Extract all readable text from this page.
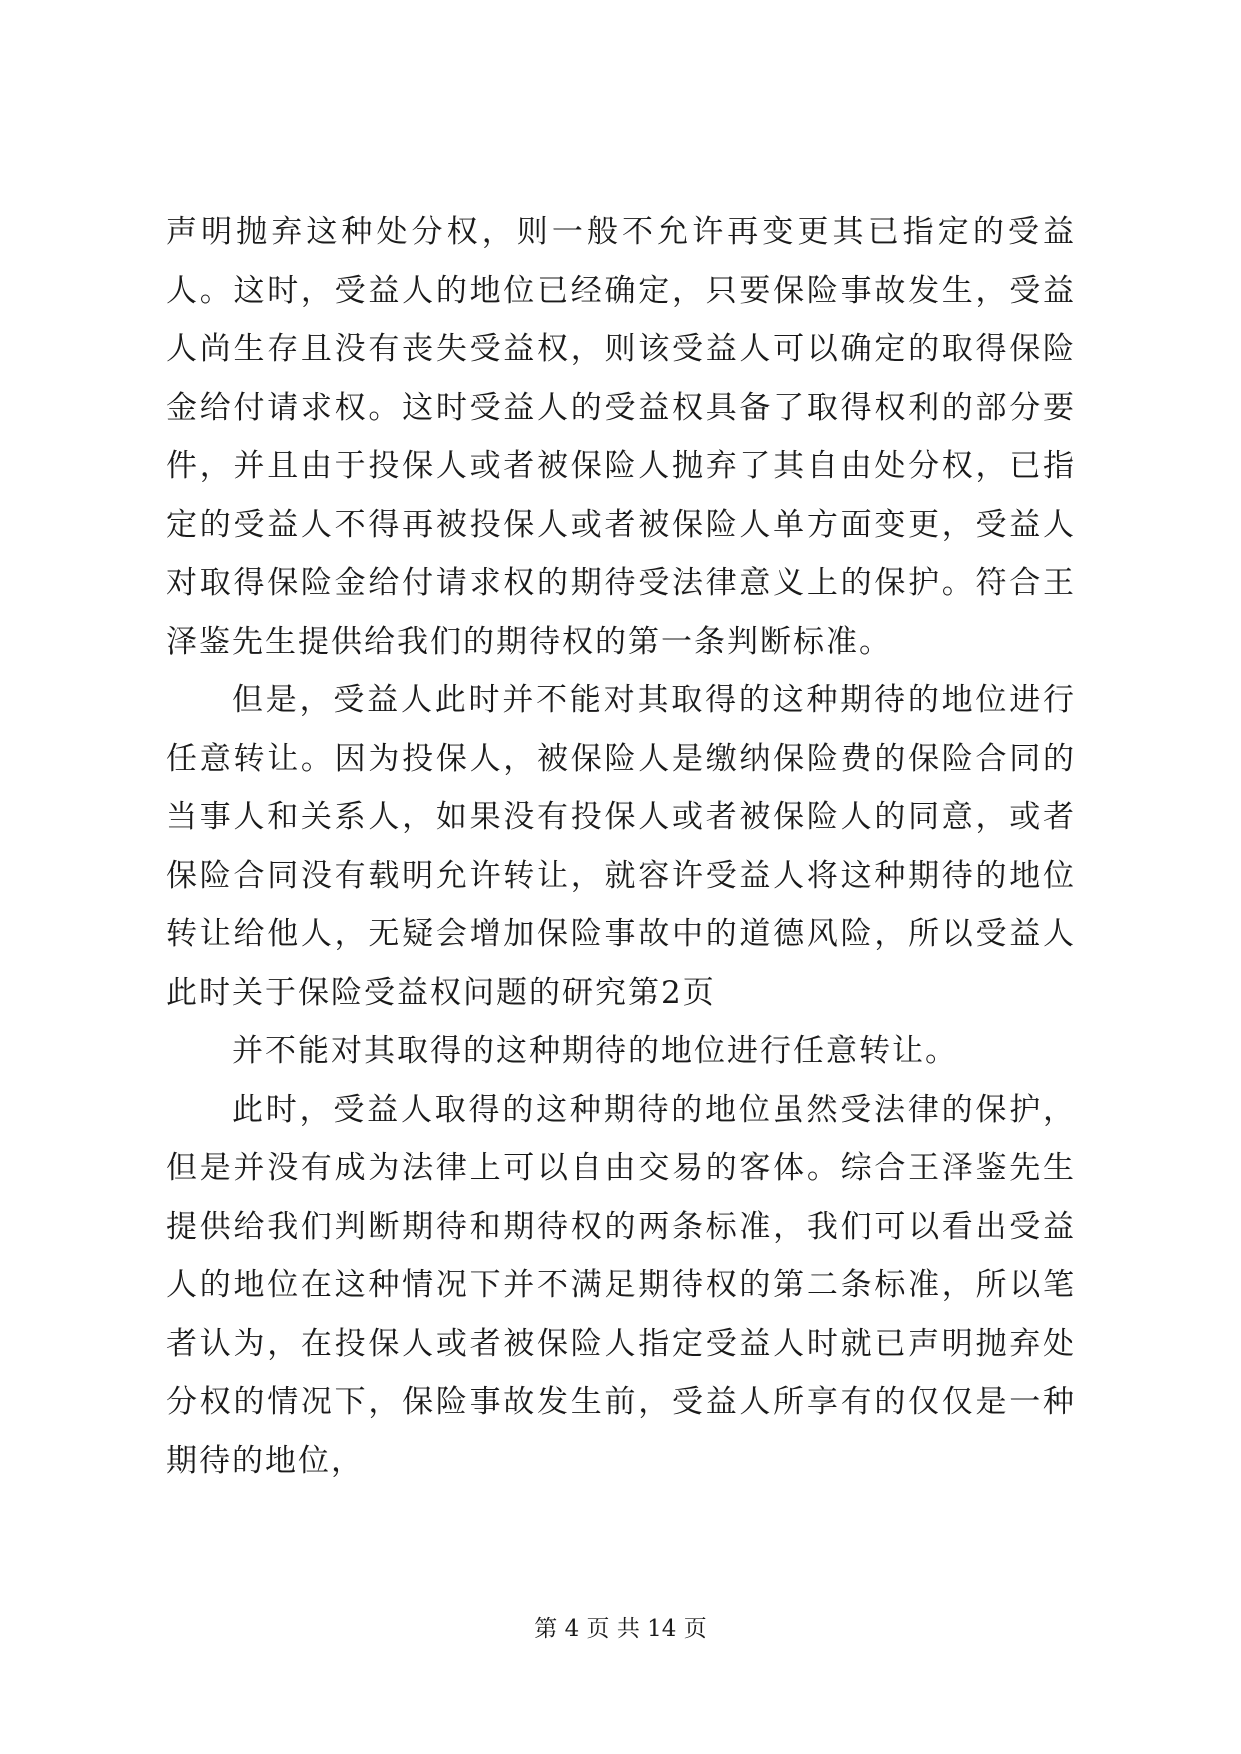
声明抛弃这种处分权，则一般不允许再变更其已指定的受益人。这时，受益人的地位已经确定，只要保险事故发生，受益人尚生存且没有丧失受益权，则该受益人可以确定的取得保险金给付请求权。这时受益人的受益权具备了取得权利的部分要件，并且由于投保人或者被保险人抛弃了其自由处分权，已指定的受益人不得再被投保人或者被保险人单方面变更，受益人对取得保险金给付请求权的期待受法律意义上的保护。符合王泽鉴先生提供给我们的期待权的第一条判断标准。

但是，受益人此时并不能对其取得的这种期待的地位进行任意转让。因为投保人，被保险人是缴纳保险费的保险合同的当事人和关系人，如果没有投保人或者被保险人的同意，或者保险合同没有载明允许转让，就容许受益人将这种期待的地位转让给他人，无疑会增加保险事故中的道德风险，所以受益人此时关于保险受益权问题的研究第2页

并不能对其取得的这种期待的地位进行任意转让。

此时，受益人取得的这种期待的地位虽然受法律的保护，但是并没有成为法律上可以自由交易的客体。综合王泽鉴先生提供给我们判断期待和期待权的两条标准，我们可以看出受益人的地位在这种情况下并不满足期待权的第二条标准，所以笔者认为，在投保人或者被保险人指定受益人时就已声明抛弃处分权的情况下，保险事故发生前，受益人所享有的仅仅是一种期待的地位，

第 4 页 共 14 页
